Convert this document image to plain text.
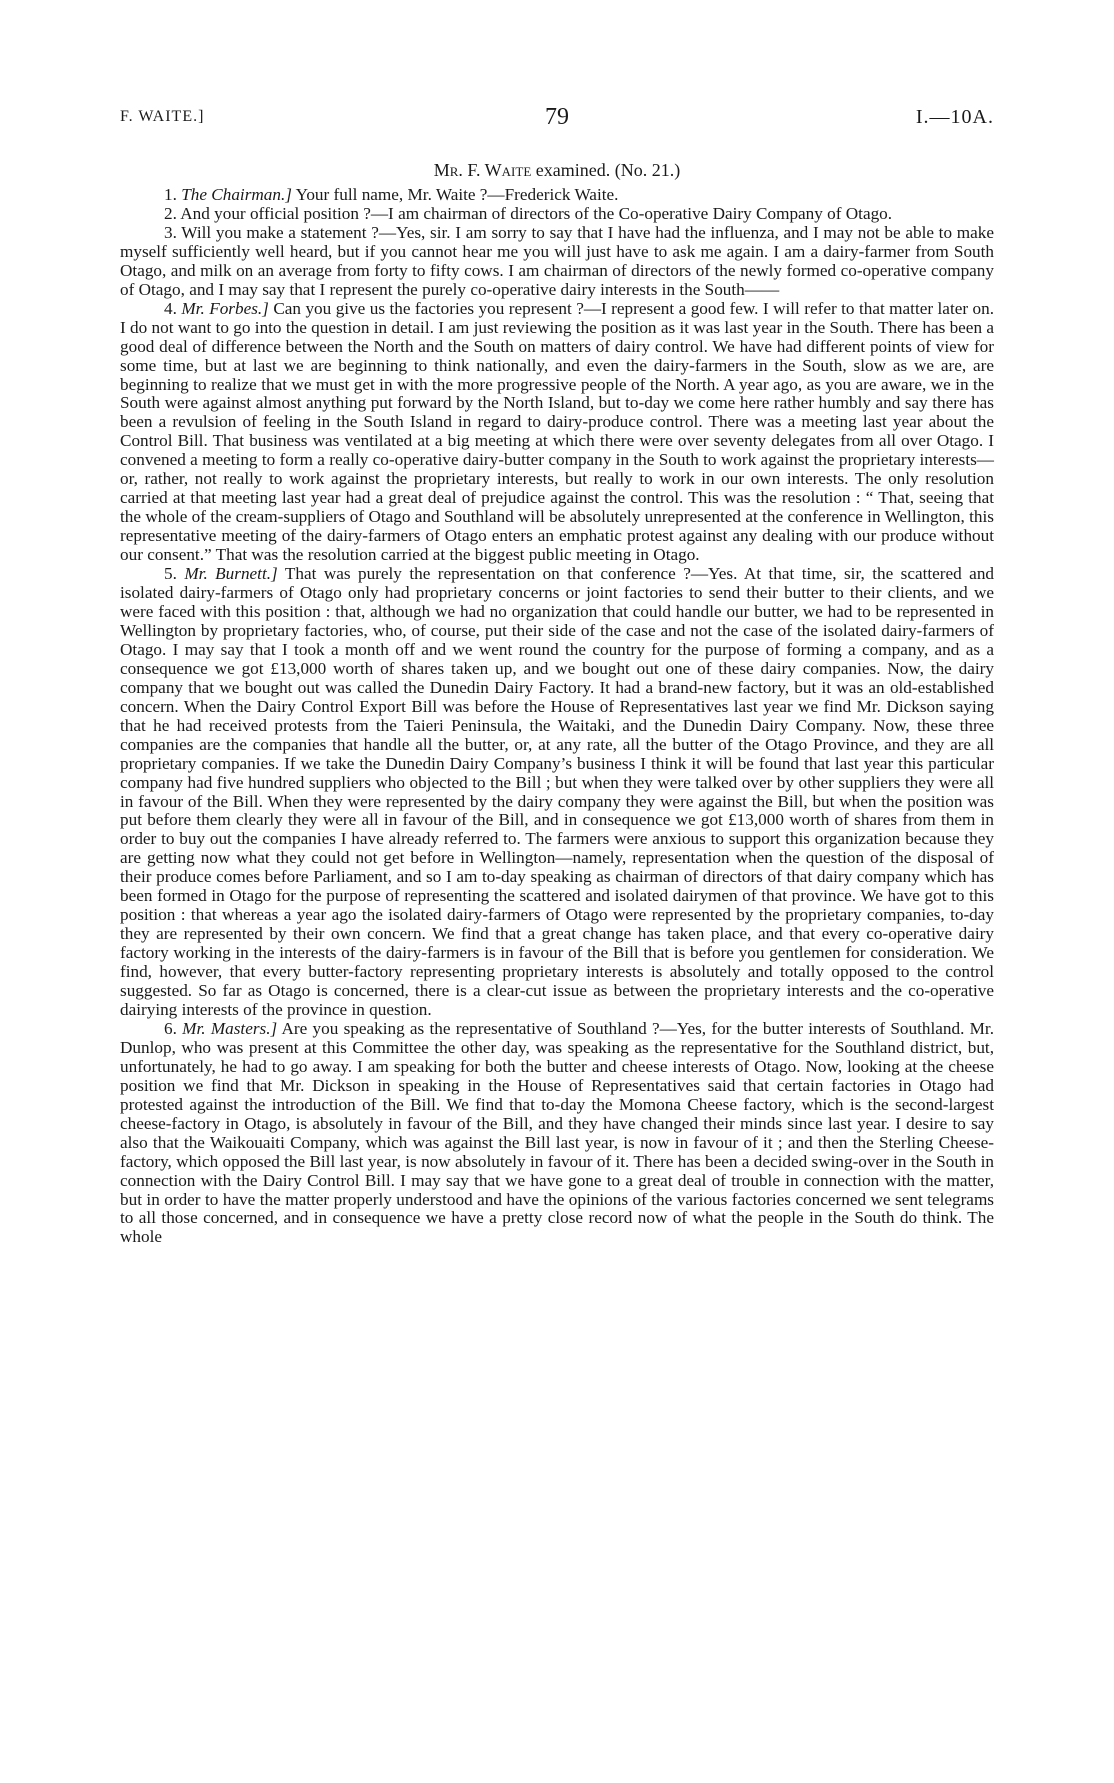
F. WAITE.]	79	I.—10A.
Mr. F. Waite examined. (No. 21.)

1. The Chairman.] Your full name, Mr. Waite ?—Frederick Waite.

2. And your official position ?—I am chairman of directors of the Co-operative Dairy Company of Otago.

3. Will you make a statement ?—Yes, sir. I am sorry to say that I have had the influenza, and I may not be able to make myself sufficiently well heard, but if you cannot hear me you will just have to ask me again. I am a dairy-farmer from South Otago, and milk on an average from forty to fifty cows. I am chairman of directors of the newly formed co-operative company of Otago, and I may say that I represent the purely co-operative dairy interests in the South——

4. Mr. Forbes.] Can you give us the factories you represent ?—I represent a good few. I will refer to that matter later on. I do not want to go into the question in detail. I am just reviewing the position as it was last year in the South. There has been a good deal of difference between the North and the South on matters of dairy control. We have had different points of view for some time, but at last we are beginning to think nationally, and even the dairy-farmers in the South, slow as we are, are beginning to realize that we must get in with the more progressive people of the North. A year ago, as you are aware, we in the South were against almost anything put forward by the North Island, but to-day we come here rather humbly and say there has been a revulsion of feeling in the South Island in regard to dairy-produce control. There was a meeting last year about the Control Bill. That business was ventilated at a big meeting at which there were over seventy delegates from all over Otago. I convened a meeting to form a really co-operative dairy-butter company in the South to work against the proprietary interests—or, rather, not really to work against the proprietary interests, but really to work in our own interests. The only resolution carried at that meeting last year had a great deal of prejudice against the control. This was the resolution : “ That, seeing that the whole of the cream-suppliers of Otago and Southland will be absolutely unrepresented at the conference in Wellington, this representative meeting of the dairy-farmers of Otago enters an emphatic protest against any dealing with our produce without our consent.” That was the resolution carried at the biggest public meeting in Otago.

5. Mr. Burnett.] That was purely the representation on that conference ?—Yes. At that time, sir, the scattered and isolated dairy-farmers of Otago only had proprietary concerns or joint factories to send their butter to their clients, and we were faced with this position : that, although we had no organization that could handle our butter, we had to be represented in Wellington by proprietary factories, who, of course, put their side of the case and not the case of the isolated dairy-farmers of Otago. I may say that I took a month off and we went round the country for the purpose of forming a company, and as a consequence we got £13,000 worth of shares taken up, and we bought out one of these dairy companies. Now, the dairy company that we bought out was called the Dunedin Dairy Factory. It had a brand-new factory, but it was an old-established concern. When the Dairy Control Export Bill was before the House of Representatives last year we find Mr. Dickson saying that he had received protests from the Taieri Peninsula, the Waitaki, and the Dunedin Dairy Company. Now, these three companies are the companies that handle all the butter, or, at any rate, all the butter of the Otago Province, and they are all proprietary companies. If we take the Dunedin Dairy Company’s business I think it will be found that last year this particular company had five hundred suppliers who objected to the Bill ; but when they were talked over by other suppliers they were all in favour of the Bill. When they were represented by the dairy company they were against the Bill, but when the position was put before them clearly they were all in favour of the Bill, and in consequence we got £13,000 worth of shares from them in order to buy out the companies I have already referred to. The farmers were anxious to support this organization because they are getting now what they could not get before in Wellington—namely, representation when the question of the disposal of their produce comes before Parliament, and so I am to-day speaking as chairman of directors of that dairy company which has been formed in Otago for the purpose of representing the scattered and isolated dairymen of that province. We have got to this position : that whereas a year ago the isolated dairy-farmers of Otago were represented by the proprietary companies, to-day they are represented by their own concern. We find that a great change has taken place, and that every co-operative dairy factory working in the interests of the dairy-farmers is in favour of the Bill that is before you gentlemen for consideration. We find, however, that every butter-factory representing proprietary interests is absolutely and totally opposed to the control suggested. So far as Otago is concerned, there is a clear-cut issue as between the proprietary interests and the co-operative dairying interests of the province in question.

6. Mr. Masters.] Are you speaking as the representative of Southland ?—Yes, for the butter interests of Southland. Mr. Dunlop, who was present at this Committee the other day, was speaking as the representative for the Southland district, but, unfortunately, he had to go away. I am speaking for both the butter and cheese interests of Otago. Now, looking at the cheese position we find that Mr. Dickson in speaking in the House of Representatives said that certain factories in Otago had protested against the introduction of the Bill. We find that to-day the Momona Cheese factory, which is the second-largest cheese-factory in Otago, is absolutely in favour of the Bill, and they have changed their minds since last year. I desire to say also that the Waikouaiti Company, which was against the Bill last year, is now in favour of it ; and then the Sterling Cheese-factory, which opposed the Bill last year, is now absolutely in favour of it. There has been a decided swing-over in the South in connection with the Dairy Control Bill. I may say that we have gone to a great deal of trouble in connection with the matter, but in order to have the matter properly understood and have the opinions of the various factories concerned we sent telegrams to all those concerned, and in consequence we have a pretty close record now of what the people in the South do think. The whole
